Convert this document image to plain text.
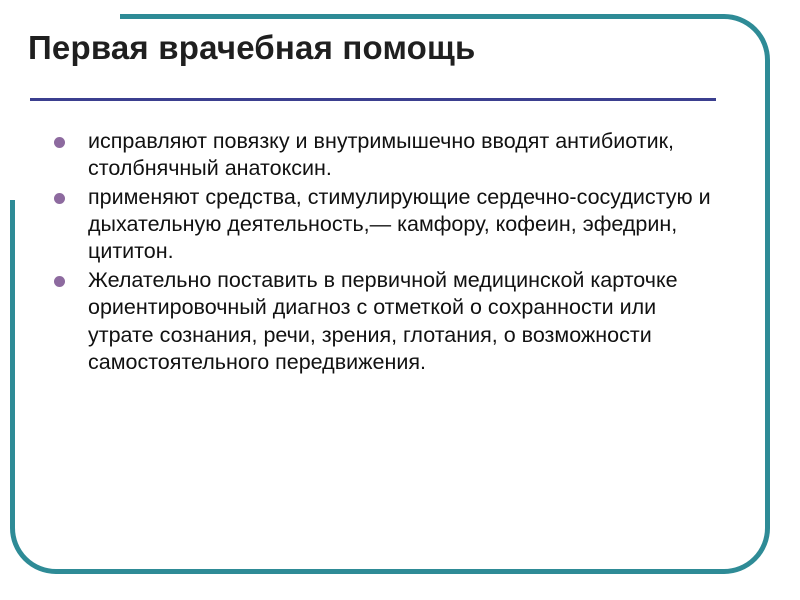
Первая врачебная помощь
исправляют повязку и внутримышечно вводят антибиотик, столбнячный анатоксин.
применяют средства, стимулирующие сердечно-сосудистую и дыхательную деятельность,— камфору, кофеин, эфедрин, цититон.
Желательно поставить в первичной медицинской карточке ориентировочный диагноз с отметкой о сохранности или утрате сознания, речи, зрения, глотания, о возможности самостоятельного передвижения.
